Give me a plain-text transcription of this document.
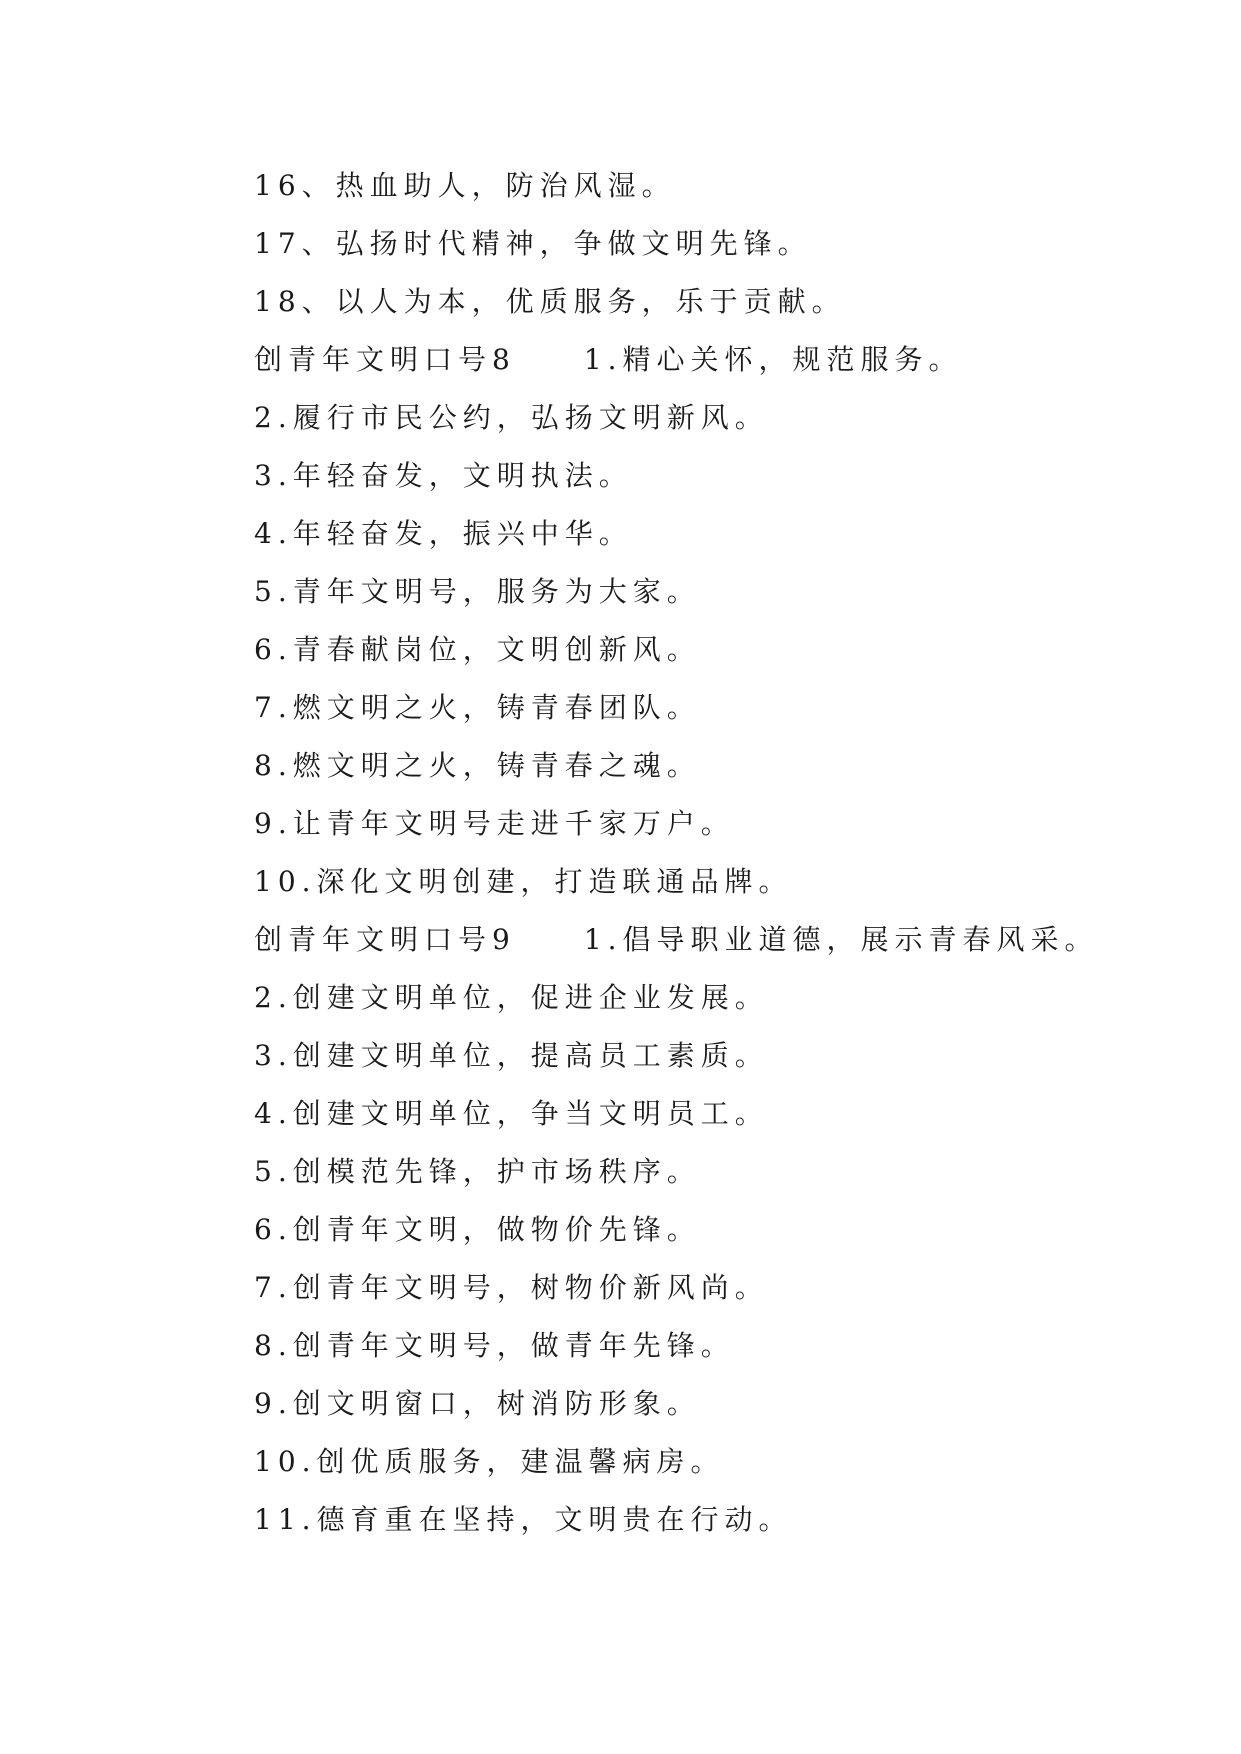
16、热血助人，防治风湿。
17、弘扬时代精神，争做文明先锋。
18、以人为本，优质服务，乐于贡献。
创青年文明口号8　　1.精心关怀，规范服务。
2.履行市民公约，弘扬文明新风。
3.年轻奋发，文明执法。
4.年轻奋发，振兴中华。
5.青年文明号，服务为大家。
6.青春献岗位，文明创新风。
7.燃文明之火，铸青春团队。
8.燃文明之火，铸青春之魂。
9.让青年文明号走进千家万户。
10.深化文明创建，打造联通品牌。
创青年文明口号9　　1.倡导职业道德，展示青春风采。
2.创建文明单位，促进企业发展。
3.创建文明单位，提高员工素质。
4.创建文明单位，争当文明员工。
5.创模范先锋，护市场秩序。
6.创青年文明，做物价先锋。
7.创青年文明号，树物价新风尚。
8.创青年文明号，做青年先锋。
9.创文明窗口，树消防形象。
10.创优质服务，建温馨病房。
11.德育重在坚持，文明贵在行动。
